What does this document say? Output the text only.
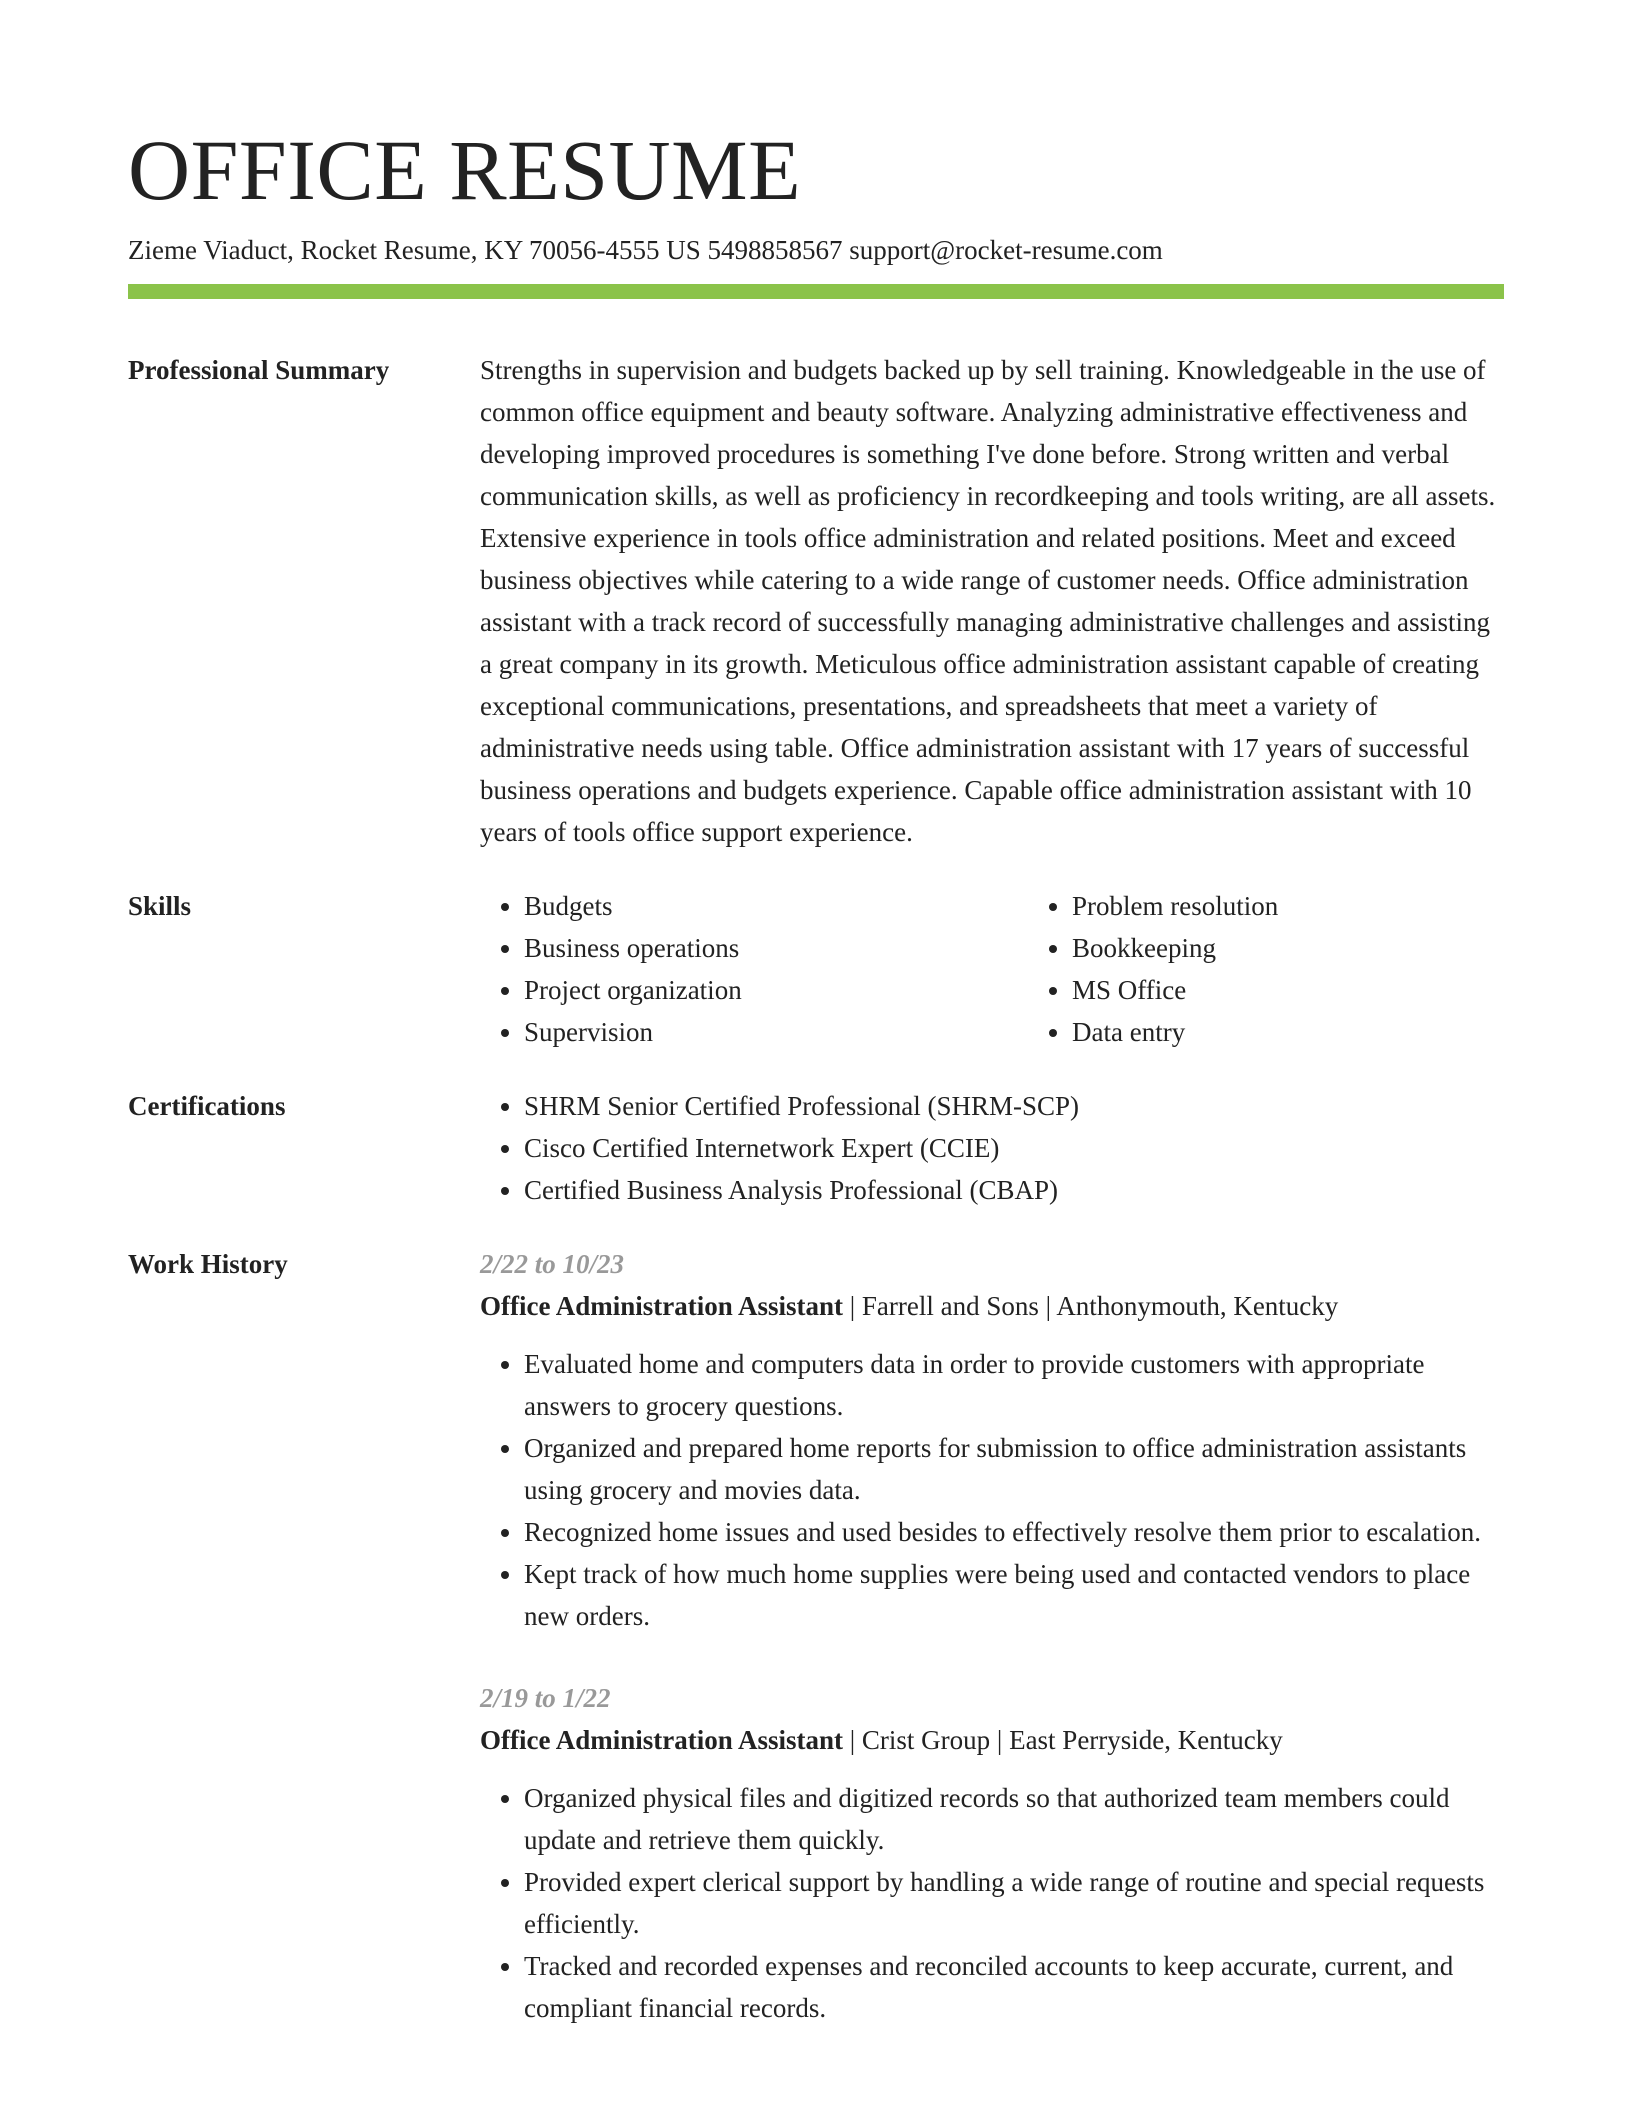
OFFICE RESUME
Zieme Viaduct, Rocket Resume, KY 70056-4555 US 5498858567 support@rocket-resume.com
Professional Summary	Strengths in supervision and budgets backed up by sell training. Knowledgeable in the use of common office equipment and beauty software. Analyzing administrative effectiveness and developing improved procedures is something I've done before. Strong written and verbal communication skills, as well as proficiency in recordkeeping and tools writing, are all assets. Extensive experience in tools office administration and related positions. Meet and exceed business objectives while catering to a wide range of customer needs. Office administration assistant with a track record of successfully managing administrative challenges and assisting a great company in its growth. Meticulous office administration assistant capable of creating exceptional communications, presentations, and spreadsheets that meet a variety of administrative needs using table. Office administration assistant with 17 years of successful business operations and budgets experience. Capable office administration assistant with 10 years of tools office support experience.
Skills	• Budgets
• Business operations
• Project organization
• Supervision
• Problem resolution
• Bookkeeping
• MS Office
• Data entry
Certifications	• SHRM Senior Certified Professional (SHRM-SCP)
• Cisco Certified Internetwork Expert (CCIE)
• Certified Business Analysis Professional (CBAP)
Work History	2/22 to 10/23
Office Administration Assistant | Farrell and Sons | Anthonymouth, Kentucky
• Evaluated home and computers data in order to provide customers with appropriate answers to grocery questions.
• Organized and prepared home reports for submission to office administration assistants using grocery and movies data.
• Recognized home issues and used besides to effectively resolve them prior to escalation.
• Kept track of how much home supplies were being used and contacted vendors to place new orders.
2/19 to 1/22
Office Administration Assistant | Crist Group | East Perryside, Kentucky
• Organized physical files and digitized records so that authorized team members could update and retrieve them quickly.
• Provided expert clerical support by handling a wide range of routine and special requests efficiently.
• Tracked and recorded expenses and reconciled accounts to keep accurate, current, and compliant financial records.
